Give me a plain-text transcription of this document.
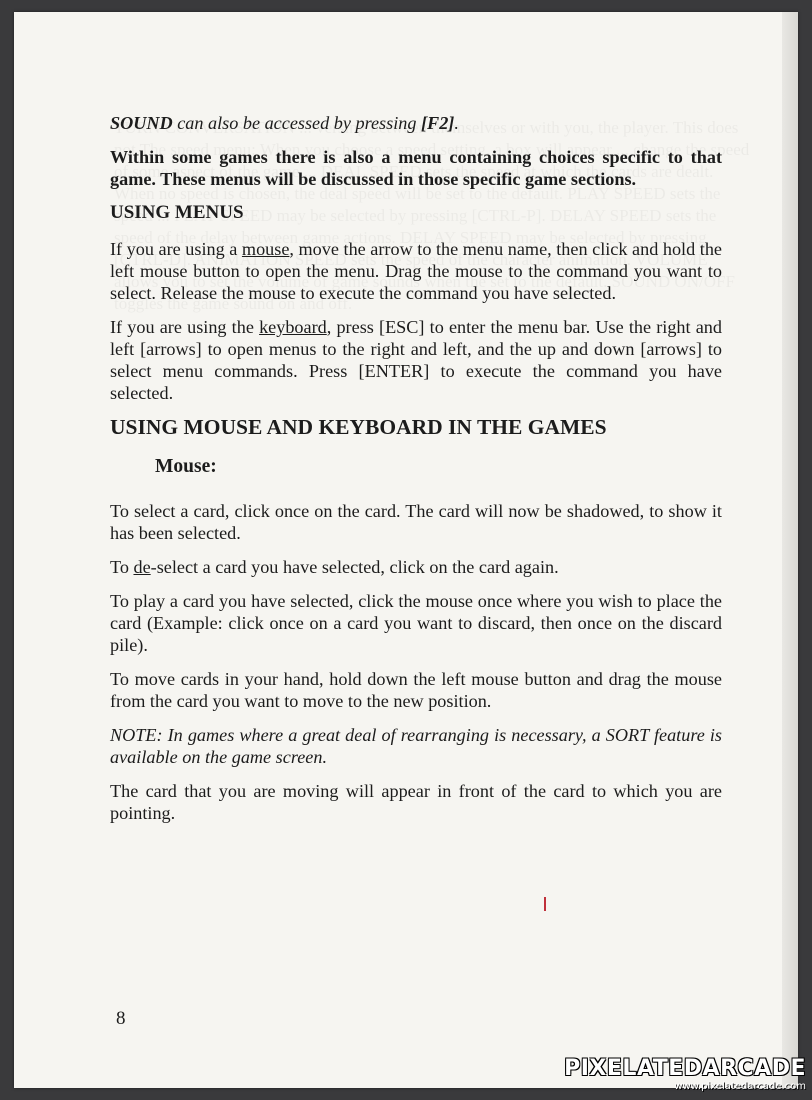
SOUND can also be accessed by pressing [F2].

Within some games there is also a menu containing choices specific to that game. These menus will be discussed in those specific game sections.

USING MENUS

If you are using a mouse, move the arrow to the menu name, then click and hold the left mouse button to open the menu. Drag the mouse to the command you want to select. Release the mouse to execute the command you have selected.

If you are using the keyboard, press [ESC] to enter the menu bar. Use the right and left [arrows] to open menus to the right and left, and the up and down [arrows] to select menu commands. Press [ENTER] to execute the command you have selected.

USING MOUSE AND KEYBOARD IN THE GAMES
Mouse:

To select a card, click once on the card. The card will now be shadowed, to show it has been selected.

To de-select a card you have selected, click on the card again.

To play a card you have selected, click the mouse once where you wish to place the card (Example: click once on a card you want to discard, then once on the discard pile).

To move cards in your hand, hold down the left mouse button and drag the mouse from the card you want to move to the new position.

NOTE: In games where a great deal of rearranging is necessary, a SORT feature is available on the game screen.

The card that you are moving will appear in front of the card to which you are pointing.

8
PIXELATEDARCADE
www.pixelatedarcade.com
